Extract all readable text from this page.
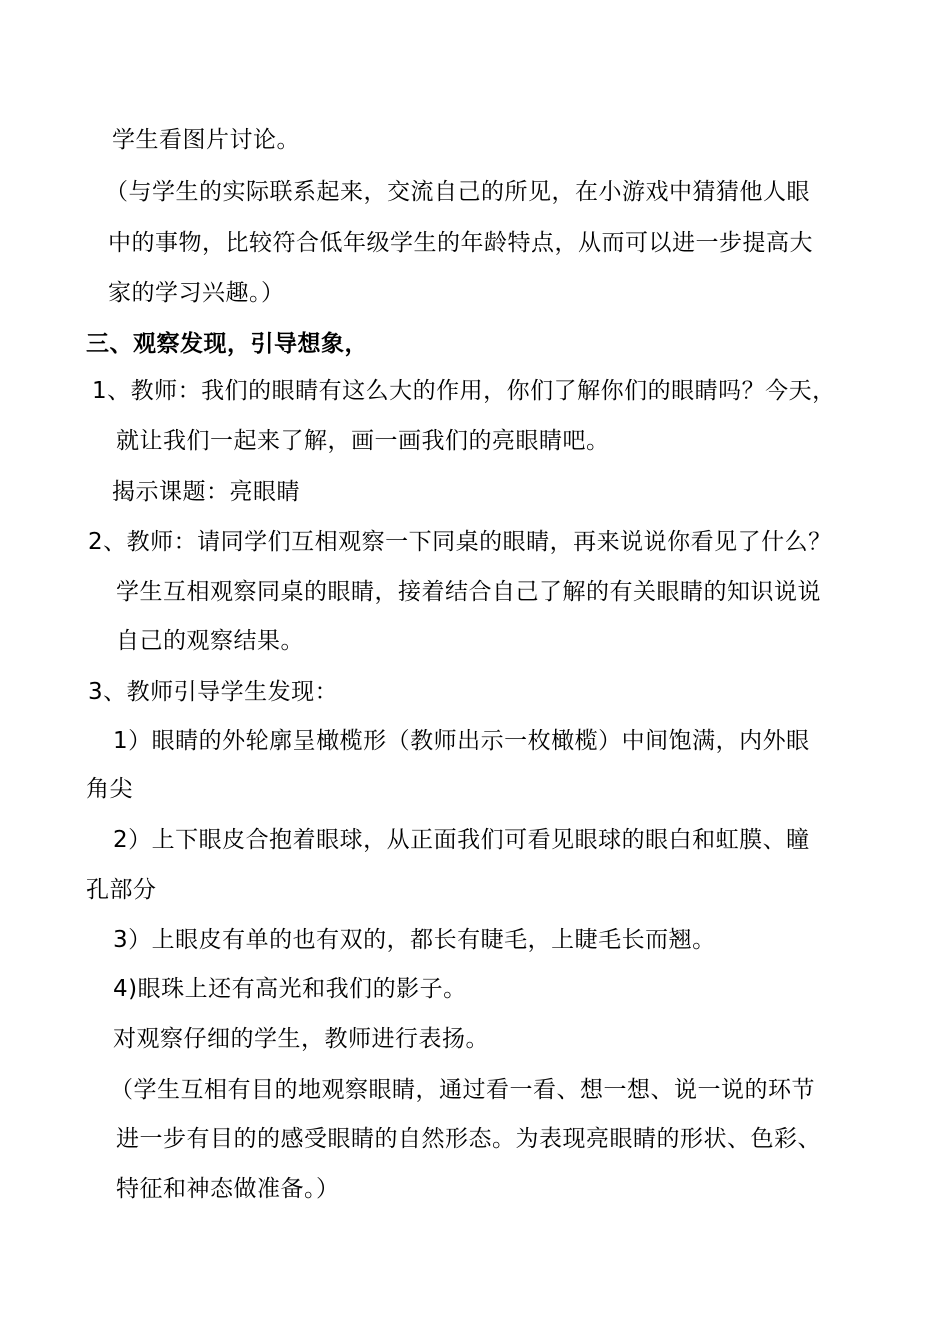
学生看图片讨论。
（与学生的实际联系起来，交流自己的所见，在小游戏中猜猜他人眼
中的事物，比较符合低年级学生的年龄特点，从而可以进一步提高大
家的学习兴趣。）
三、观察发现，引导想象，
1、教师：我们的眼睛有这么大的作用，你们了解你们的眼睛吗？今天，
就让我们一起来了解，画一画我们的亮眼睛吧。
揭示课题：亮眼睛
2、教师：请同学们互相观察一下同桌的眼睛，再来说说你看见了什么？
学生互相观察同桌的眼睛，接着结合自己了解的有关眼睛的知识说说
自己的观察结果。
3、教师引导学生发现：
1）眼睛的外轮廓呈橄榄形（教师出示一枚橄榄）中间饱满，内外眼
角尖
2）上下眼皮合抱着眼球，从正面我们可看见眼球的眼白和虹膜、瞳
孔部分
3）上眼皮有单的也有双的，都长有睫毛，上睫毛长而翘。
4)眼珠上还有高光和我们的影子。
对观察仔细的学生，教师进行表扬。
（学生互相有目的地观察眼睛，通过看一看、想一想、说一说的环节
进一步有目的的感受眼睛的自然形态。为表现亮眼睛的形状、色彩、
特征和神态做准备。）
